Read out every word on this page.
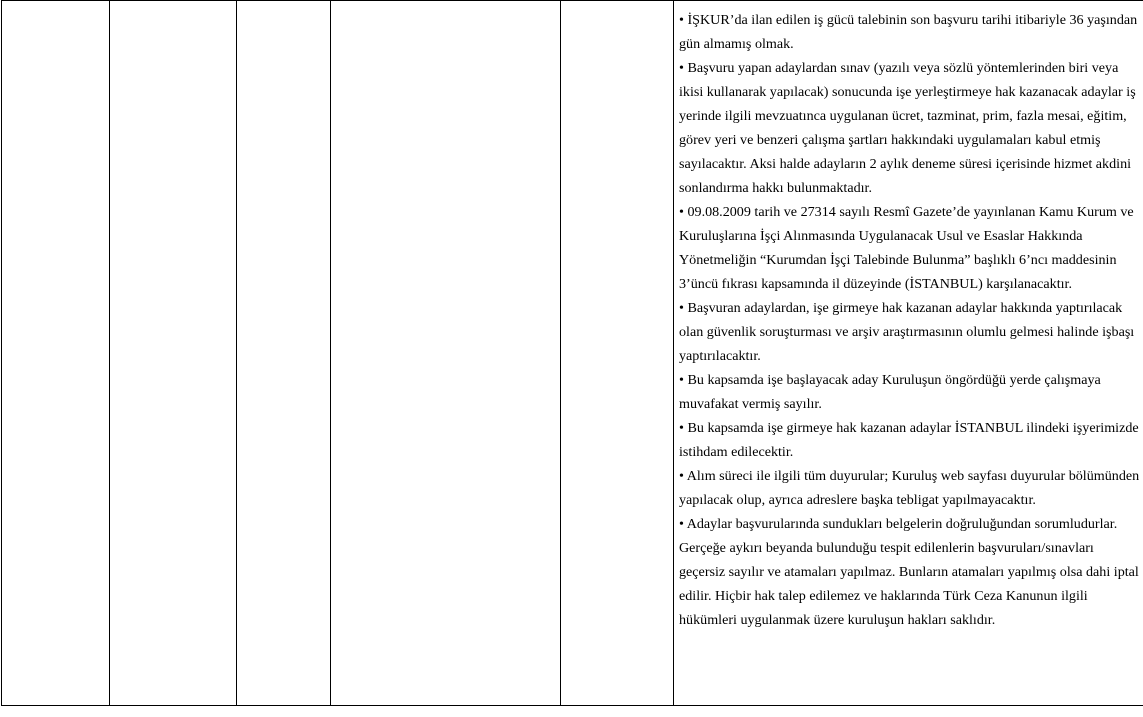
• İŞKUR’da ilan edilen iş gücü talebinin son başvuru tarihi itibariyle 36 yaşından gün almamış olmak.
• Başvuru yapan adaylardan sınav (yazılı veya sözlü yöntemlerinden biri veya ikisi kullanarak yapılacak) sonucunda işe yerleştirmeye hak kazanacak adaylar iş yerinde ilgili mevzuatınca uygulanan ücret, tazminat, prim, fazla mesai, eğitim, görev yeri ve benzeri çalışma şartları hakkındaki uygulamaları kabul etmiş sayılacaktır. Aksi halde adayların 2 aylık deneme süresi içerisinde hizmet akdini sonlandırma hakkı bulunmaktadır.
• 09.08.2009 tarih ve 27314 sayılı Resmî Gazete’de yayınlanan Kamu Kurum ve Kuruluşlarına İşçi Alınmasında Uygulanacak Usul ve Esaslar Hakkında Yönetmeliğin “Kurumdan İşçi Talebinde Bulunma” başlıklı 6’ncı maddesinin 3’üncü fıkrası kapsamında il düzeyinde (İSTANBUL) karşılanacaktır.
• Başvuran adaylardan, işe girmeye hak kazanan adaylar hakkında yaptırılacak olan güvenlik soruşturması ve arşiv araştırmasının olumlu gelmesi halinde işbaşı yaptırılacaktır.
• Bu kapsamda işe başlayacak aday Kuruluşun öngördüğü yerde çalışmaya muvafakat vermiş sayılır.
• Bu kapsamda işe girmeye hak kazanan adaylar İSTANBUL ilindeki işyerimizde istihdam edilecektir.
• Alım süreci ile ilgili tüm duyurular; Kuruluş web sayfası duyurular bölümünden yapılacak olup, ayrıca adreslere başka tebligat yapılmayacaktır.
• Adaylar başvurularında sundukları belgelerin doğruluğundan sorumludurlar. Gerçeğe aykırı beyanda bulunduğu tespit edilenlerin başvuruları/sınavları geçersiz sayılır ve atamaları yapılmaz. Bunların atamaları yapılmış olsa dahi iptal edilir. Hiçbir hak talep edilemez ve haklarında Türk Ceza Kanunun ilgili hükümleri uygulanmak üzere kuruluşun hakları saklıdır.
